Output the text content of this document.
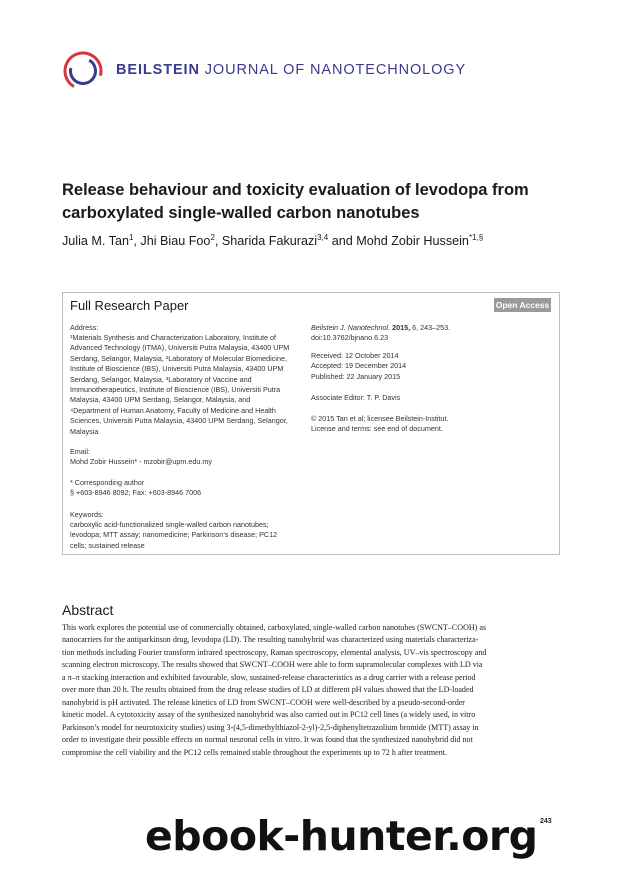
BEILSTEIN JOURNAL OF NANOTECHNOLOGY
Release behaviour and toxicity evaluation of levodopa from
carboxylated single-walled carbon nanotubes
Julia M. Tan$^1$, Jhi Biau Foo$^2$, Sharida Fakurazi$^{3,4}$ and Mohd Zobir Hussein$^{*1,\S}$
Full Research Paper	Open Access
Address:
¹Materials Synthesis and Characterization Laboratory, Institute of
Advanced Technology (ITMA), Universiti Putra Malaysia, 43400 UPM
Serdang, Selangor, Malaysia, ²Laboratory of Molecular Biomedicine,
Institute of Bioscience (IBS), Universiti Putra Malaysia, 43400 UPM
Serdang, Selangor, Malaysia, ³Laboratory of Vaccine and
Immunotherapeutics, Institute of Bioscience (IBS), Universiti Putra
Malaysia, 43400 UPM Serdang, Selangor, Malaysia, and
⁴Department of Human Anatomy, Faculty of Medicine and Health
Sciences, Universiti Putra Malaysia, 43400 UPM Serdang, Selangor,
Malaysia
Email:
Mohd Zobir Hussein* - mzobir@upm.edu.my
* Corresponding author
§ +603-8946 8092; Fax: +603-8946 7006
Keywords:
carboxylic acid-functionalized single-walled carbon nanotubes;
levodopa; MTT assay; nanomedicine; Parkinson’s disease; PC12
cells; sustained release
Beilstein J. Nanotechnol. 2015, 6, 243–253.
doi:10.3762/bjnano.6.23
Received: 12 October 2014
Accepted: 19 December 2014
Published: 22 January 2015
Associate Editor: T. P. Davis
© 2015 Tan et al; licensee Beilstein-Institut.
License and terms: see end of document.
Abstract
This work explores the potential use of commercially obtained, carboxylated, single-walled carbon nanotubes (SWCNT–COOH) as
nanocarriers for the antiparkinson drug, levodopa (LD). The resulting nanohybrid was characterized using materials characteriza-
tion methods including Fourier transform infrared spectroscopy, Raman spectroscopy, elemental analysis, UV–vis spectroscopy and
scanning electron microscopy. The results showed that SWCNT–COOH were able to form supramolecular complexes with LD via
a π–π stacking interaction and exhibited favourable, slow, sustained-release characteristics as a drug carrier with a release period
over more than 20 h. The results obtained from the drug release studies of LD at different pH values showed that the LD-loaded
nanohybrid is pH activated. The release kinetics of LD from SWCNT–COOH were well-described by a pseudo-second-order
kinetic model. A cytotoxicity assay of the synthesized nanohybrid was also carried out in PC12 cell lines (a widely used, in vitro
Parkinson’s model for neurotoxicity studies) using 3-(4,5-dimethylthiazol-2-yl)-2,5-diphenyltetrazolium bromide (MTT) assay in
order to investigate their possible effects on normal neuronal cells in vitro. It was found that the synthesized nanohybrid did not
compromise the cell viability and the PC12 cells remained stable throughout the experiments up to 72 h after treatment.
243
ebook-hunter.org
